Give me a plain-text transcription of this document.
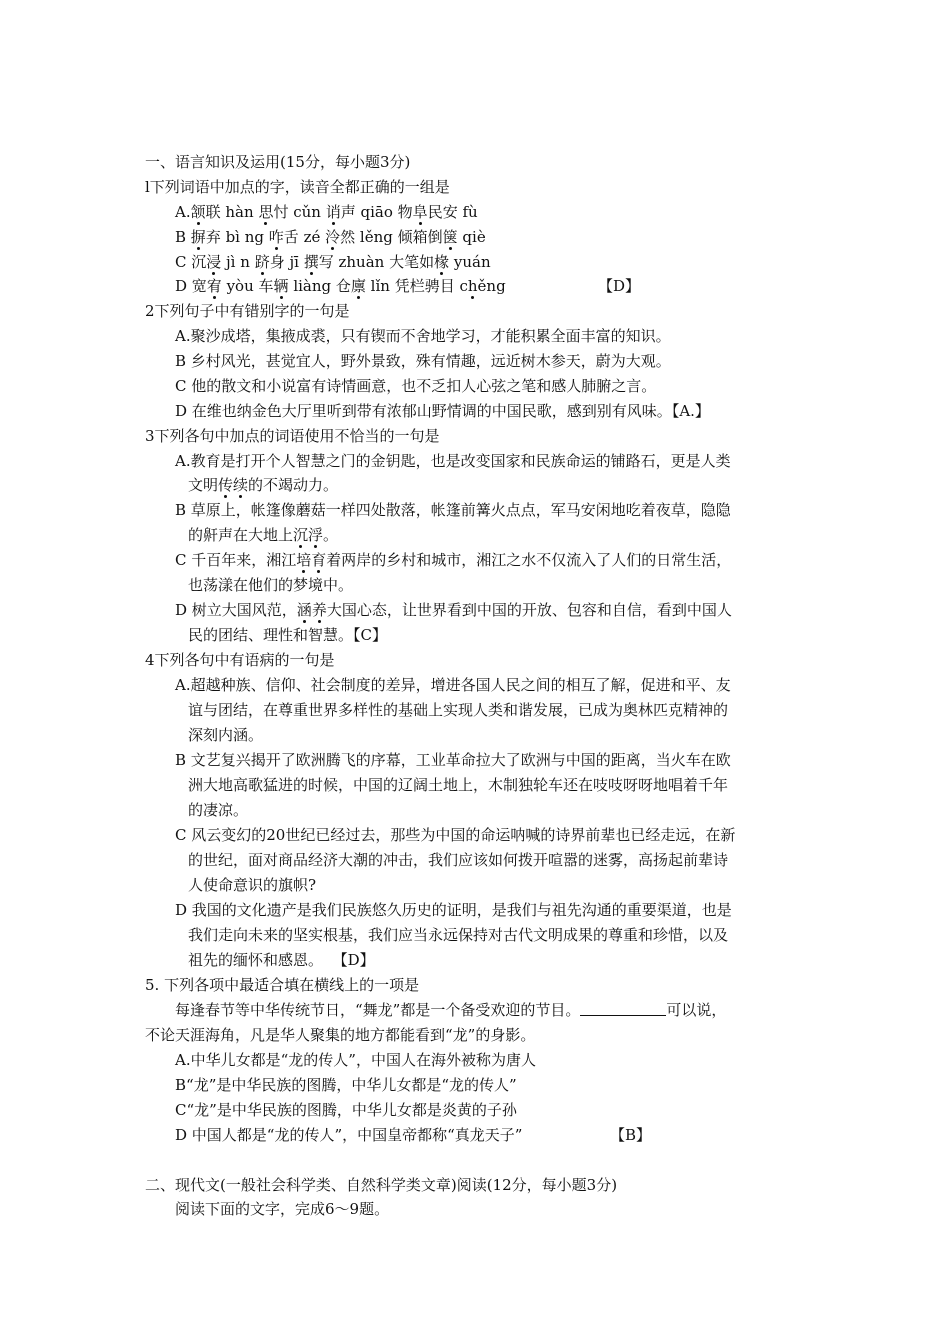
一、语言知识及运用(15分，每小题3分)
l下列词语中加点的字，读音全都正确的一组是
A.颔联 hàn 思忖 cǔn 诮声 qiāo 物阜民安 fù
B 摒弃 bì ng 咋舌 zé 泠然 lěng 倾箱倒箧 qiè
C 沉浸 jì n 跻身 jī 撰写 zhuàn 大笔如椽 yuán
D 宽宥 yòu 车辆 liàng 仓廪 lǐn 凭栏骋目 chěng	【D】
2下列句子中有错别字的一句是
A.聚沙成塔，集掖成裘，只有锲而不舍地学习，才能积累全面丰富的知识。
B 乡村风光，甚觉宜人，野外景致，殊有情趣，远近树木参天，蔚为大观。
C 他的散文和小说富有诗情画意，也不乏扣人心弦之笔和感人肺腑之言。
D 在维也纳金色大厅里听到带有浓郁山野情调的中国民歌，感到别有风味。【A.】
3下列各句中加点的词语使用不恰当的一句是
A.教育是打开个人智慧之门的金钥匙，也是改变国家和民族命运的铺路石，更是人类
文明传续的不竭动力。
B 草原上，帐篷像蘑菇一样四处散落，帐篷前篝火点点，军马安闲地吃着夜草，隐隐
的鼾声在大地上沉浮。
C 千百年来，湘江培育着两岸的乡村和城市，湘江之水不仅流入了人们的日常生活，
也荡漾在他们的梦境中。
D 树立大国风范，涵养大国心态，让世界看到中国的开放、包容和自信，看到中国人
民的团结、理性和智慧。【C】
4下列各句中有语病的一句是
A.超越种族、信仰、社会制度的差异，增进各国人民之间的相互了解，促进和平、友
谊与团结，在尊重世界多样性的基础上实现人类和谐发展，已成为奥林匹克精神的
深刻内涵。
B 文艺复兴揭开了欧洲腾飞的序幕，工业革命拉大了欧洲与中国的距离，当火车在欧
洲大地高歌猛进的时候，中国的辽阔土地上，木制独轮车还在吱吱呀呀地唱着千年
的凄凉。
C 风云变幻的20世纪已经过去，那些为中国的命运呐喊的诗界前辈也已经走远，在新
的世纪，面对商品经济大潮的冲击，我们应该如何拨开喧嚣的迷雾，高扬起前辈诗
人使命意识的旗帜?
D 我国的文化遗产是我们民族悠久历史的证明，是我们与祖先沟通的重要渠道，也是
我们走向未来的坚实根基，我们应当永远保持对古代文明成果的尊重和珍惜，以及
祖先的缅怀和感恩。 【D】
5. 下列各项中最适合填在横线上的一项是
每逢春节等中华传统节日，“舞龙”都是一个备受欢迎的节目。	可以说，
不论天涯海角，凡是华人聚集的地方都能看到“龙”的身影。
A.中华儿女都是“龙的传人”，中国人在海外被称为唐人
B“龙”是中华民族的图腾，中华儿女都是“龙的传人”
C“龙”是中华民族的图腾，中华儿女都是炎黄的子孙
D 中国人都是“龙的传人”，中国皇帝都称“真龙天子”	【B】
二、现代文(一般社会科学类、自然科学类文章)阅读(12分，每小题3分)
阅读下面的文字，完成6～9题。
